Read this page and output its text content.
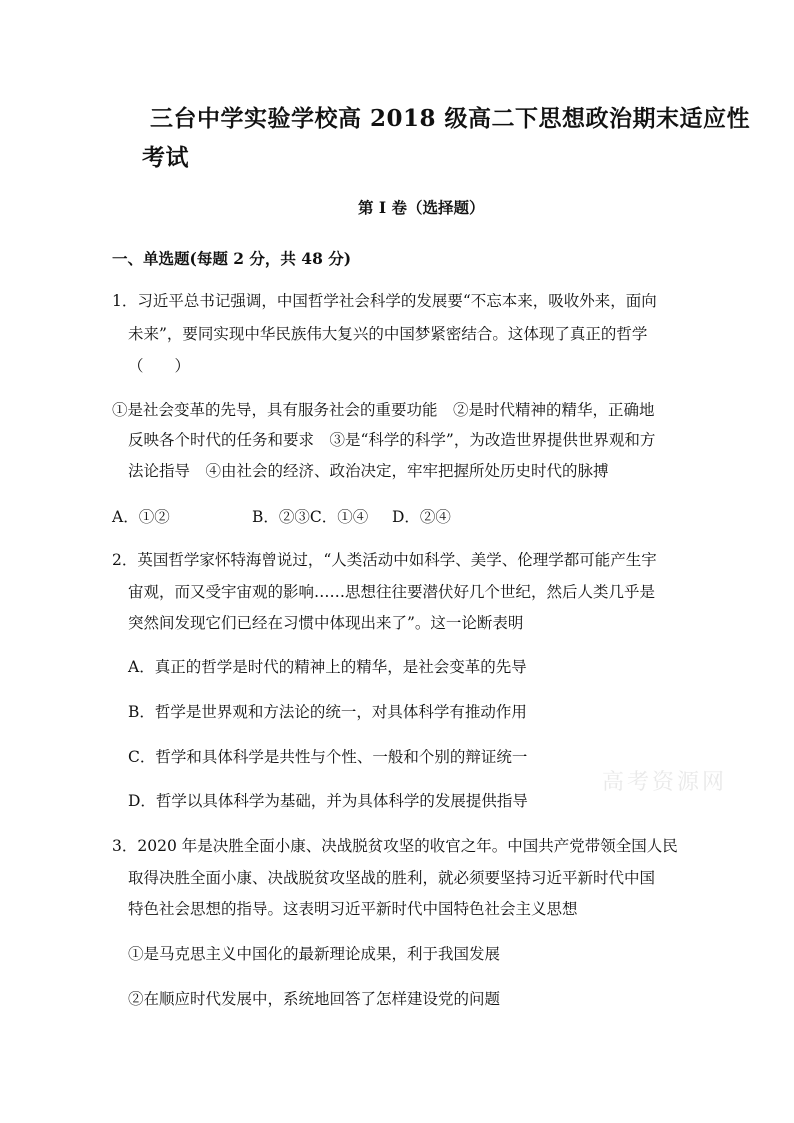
三台中学实验学校高 2018 级高二下思想政治期末适应性
考试
第 I 卷（选择题）
一、单选题(每题 2 分，共 48 分)
1．习近平总书记强调，中国哲学社会科学的发展要“不忘本来，吸收外来，面向
未来”，要同实现中华民族伟大复兴的中国梦紧密结合。这体现了真正的哲学
（　　）
①是社会变革的先导，具有服务社会的重要功能　②是时代精神的精华，正确地
反映各个时代的任务和要求　③是“科学的科学”，为改造世界提供世界观和方
法论指导　④由社会的经济、政治决定，牢牢把握所处历史时代的脉搏
A．①②	B．②③C．①④ D．②④
2．英国哲学家怀特海曾说过，“人类活动中如科学、美学、伦理学都可能产生宇
宙观，而又受宇宙观的影响……思想往往要潜伏好几个世纪，然后人类几乎是
突然间发现它们已经在习惯中体现出来了”。这一论断表明
A．真正的哲学是时代的精神上的精华，是社会变革的先导
B．哲学是世界观和方法论的统一，对具体科学有推动作用
C．哲学和具体科学是共性与个性、一般和个别的辩证统一
D．哲学以具体科学为基础，并为具体科学的发展提供指导
高考资源网
3．2020 年是决胜全面小康、决战脱贫攻坚的收官之年。中国共产党带领全国人民
取得决胜全面小康、决战脱贫攻坚战的胜利，就必须要坚持习近平新时代中国
特色社会思想的指导。这表明习近平新时代中国特色社会主义思想
①是马克思主义中国化的最新理论成果，利于我国发展
②在顺应时代发展中，系统地回答了怎样建设党的问题
